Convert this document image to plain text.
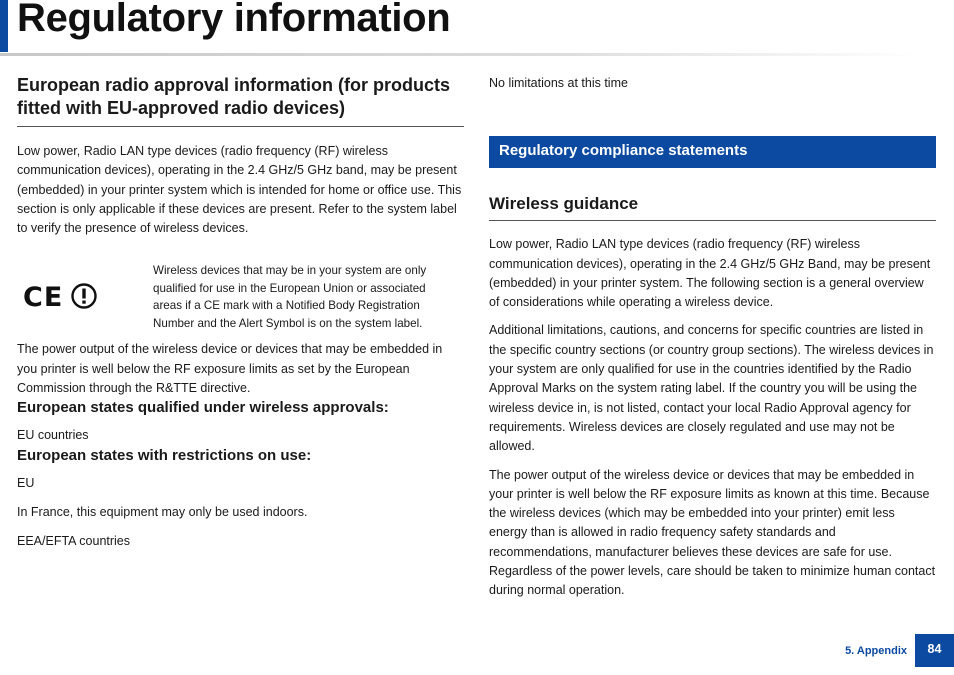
Regulatory information
European radio approval information (for products fitted with EU-approved radio devices)

Low power, Radio LAN type devices (radio frequency (RF) wireless communication devices), operating in the 2.4 GHz/5 GHz band, may be present (embedded) in your printer system which is intended for home or office use. This section is only applicable if these devices are present. Refer to the system label to verify the presence of wireless devices.

CE
Wireless devices that may be in your system are only qualified for use in the European Union or associated areas if a CE mark with a Notified Body Registration Number and the Alert Symbol is on the system label.

The power output of the wireless device or devices that may be embedded in you printer is well below the RF exposure limits as set by the European Commission through the R&TTE directive.

European states qualified under wireless approvals:

EU countries

European states with restrictions on use:

EU

In France, this equipment may only be used indoors.

EEA/EFTA countries

No limitations at this time

Regulatory compliance statements
Wireless guidance

Low power, Radio LAN type devices (radio frequency (RF) wireless communication devices), operating in the 2.4 GHz/5 GHz Band, may be present (embedded) in your printer system. The following section is a general overview of considerations while operating a wireless device.

Additional limitations, cautions, and concerns for specific countries are listed in the specific country sections (or country group sections). The wireless devices in your system are only qualified for use in the countries identified by the Radio Approval Marks on the system rating label. If the country you will be using the wireless device in, is not listed, contact your local Radio Approval agency for requirements. Wireless devices are closely regulated and use may not be allowed.

The power output of the wireless device or devices that may be embedded in your printer is well below the RF exposure limits as known at this time. Because the wireless devices (which may be embedded into your printer) emit less energy than is allowed in radio frequency safety standards and recommendations, manufacturer believes these devices are safe for use. Regardless of the power levels, care should be taken to minimize human contact during normal operation.

5. Appendix	84
